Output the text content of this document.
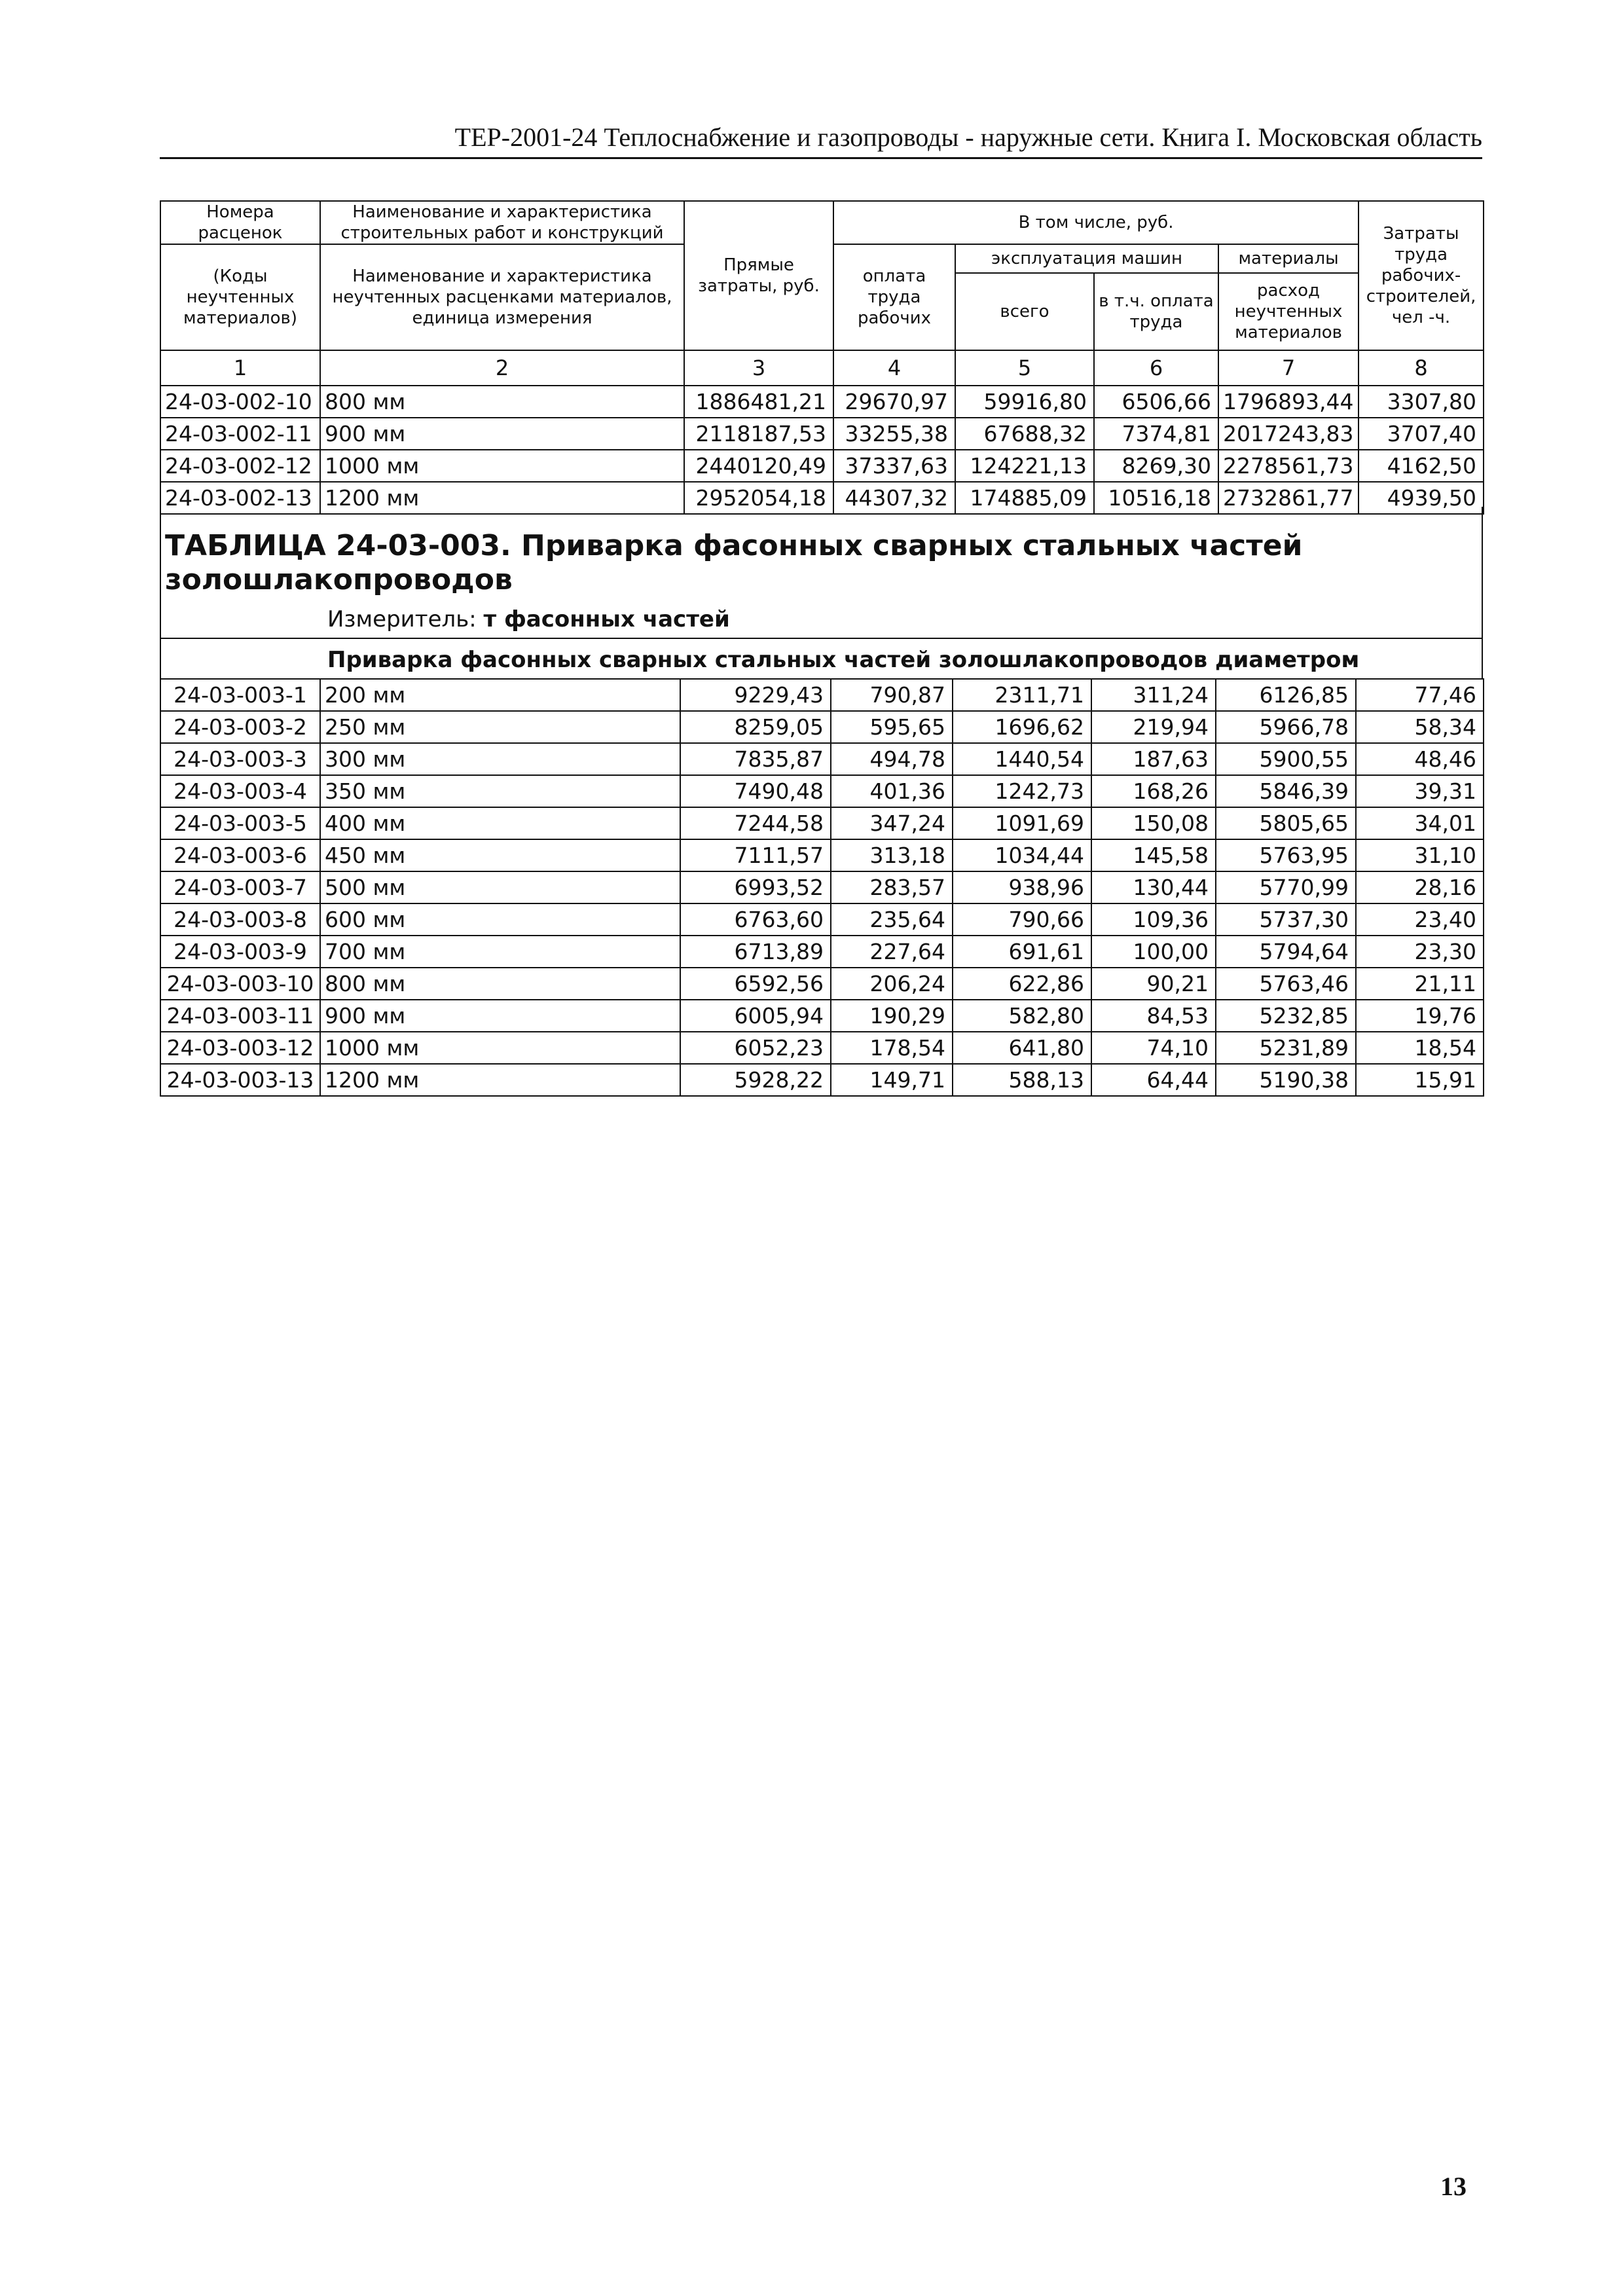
ТЕР-2001-24 Теплоснабжение и газопроводы - наружные сети. Книга I. Московская область
Номера расценок	Наименование и характеристика строительных работ и конструкций	Прямые затраты, руб.	В том числе, руб.				Затраты труда рабочих-строителей, чел -ч.
(Коды неучтенных материалов)	Наименование и характеристика неучтенных расценками материалов, единица измерения		оплата труда рабочих	эксплуатация машин		материалы	
				всего	в т.ч. оплата труда	расход неучтенных материалов	
1	2	3	4	5	6	7	8
24-03-002-10	800 мм	1886481,21	29670,97	59916,80	6506,66	1796893,44	3307,80
24-03-002-11	900 мм	2118187,53	33255,38	67688,32	7374,81	2017243,83	3707,40
24-03-002-12	1000 мм	2440120,49	37337,63	124221,13	8269,30	2278561,73	4162,50
24-03-002-13	1200 мм	2952054,18	44307,32	174885,09	10516,18	2732861,77	4939,50
ТАБЛИЦА 24-03-003. Приварка фасонных сварных стальных частей золошлакопроводов
Измеритель: т фасонных частей
Приварка фасонных сварных стальных частей золошлакопроводов диаметром
24-03-003-1	200 мм	9229,43	790,87	2311,71	311,24	6126,85	77,46
24-03-003-2	250 мм	8259,05	595,65	1696,62	219,94	5966,78	58,34
24-03-003-3	300 мм	7835,87	494,78	1440,54	187,63	5900,55	48,46
24-03-003-4	350 мм	7490,48	401,36	1242,73	168,26	5846,39	39,31
24-03-003-5	400 мм	7244,58	347,24	1091,69	150,08	5805,65	34,01
24-03-003-6	450 мм	7111,57	313,18	1034,44	145,58	5763,95	31,10
24-03-003-7	500 мм	6993,52	283,57	938,96	130,44	5770,99	28,16
24-03-003-8	600 мм	6763,60	235,64	790,66	109,36	5737,30	23,40
24-03-003-9	700 мм	6713,89	227,64	691,61	100,00	5794,64	23,30
24-03-003-10	800 мм	6592,56	206,24	622,86	90,21	5763,46	21,11
24-03-003-11	900 мм	6005,94	190,29	582,80	84,53	5232,85	19,76
24-03-003-12	1000 мм	6052,23	178,54	641,80	74,10	5231,89	18,54
24-03-003-13	1200 мм	5928,22	149,71	588,13	64,44	5190,38	15,91
13
